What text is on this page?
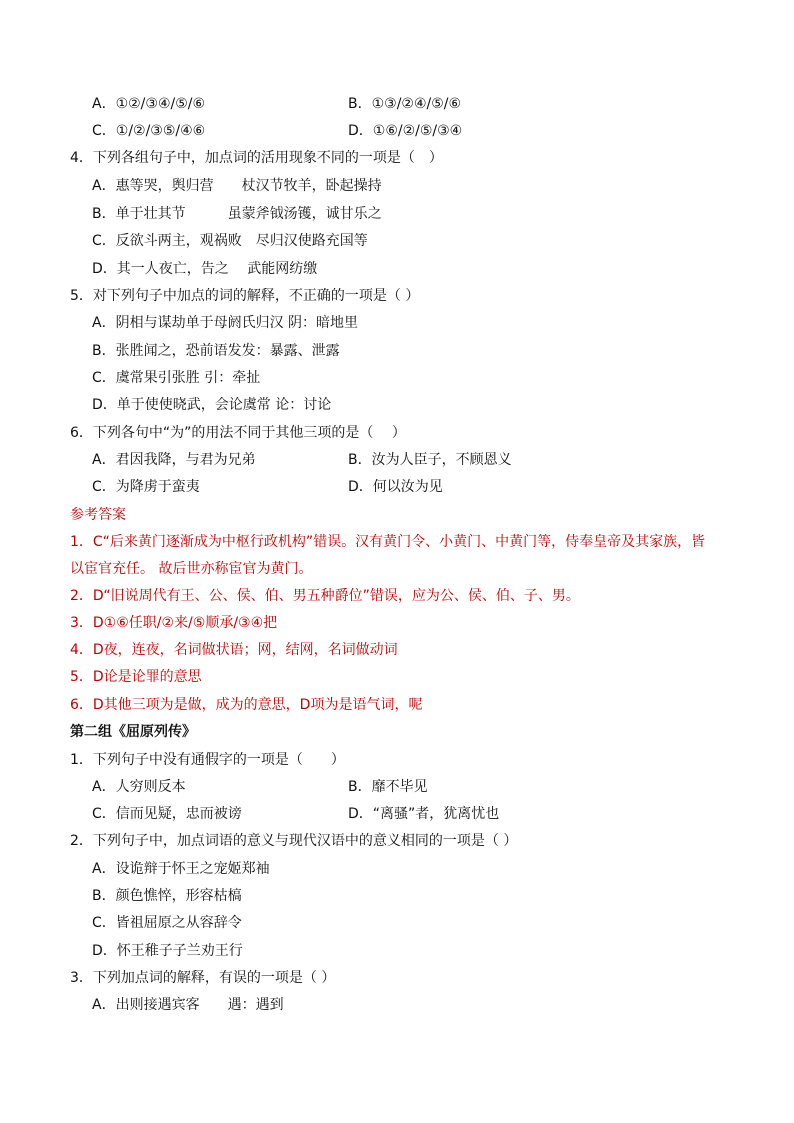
A．①②/③④/⑤/⑥	B．①③/②④/⑤/⑥
C．①/②/③⑤/④⑥	D．①⑥/②/⑤/③④
4．下列各组句子中，加点词的活用现象不同的一项是（　）
A．惠等哭，舆归营　　杖汉节牧羊，卧起操持
B．单于壮其节　　　虽蒙斧钺汤镬，诚甘乐之
C．反欲斗两主，观祸败　尽归汉使路充国等
D．其一人夜亡，告之　 武能网纺缴
5．对下列句子中加点的词的解释，不正确的一项是（ ）
A．阴相与谋劫单于母阏氏归汉 阴：暗地里
B．张胜闻之，恐前语发发：暴露、泄露
C．虞常果引张胜 引：牵扯
D．单于使使晓武，会论虞常 论：讨论
6．下列各句中“为”的用法不同于其他三项的是（　 ）
A．君因我降，与君为兄弟	B．汝为人臣子，不顾恩义
C．为降虏于蛮夷	D．何以汝为见
参考答案
1．C“后来黄门逐渐成为中枢行政机构”错误。汉有黄门令、小黄门、中黄门等，侍奉皇帝及其家族，皆
以宦官充任。 故后世亦称宦官为黄门。
2．D“旧说周代有王、公、侯、伯、男五种爵位”错误，应为公、侯、伯、子、男。
3．D①⑥任职/②来/⑤顺承/③④把
4．D夜，连夜，名词做状语；网，结网，名词做动词
5．D论是论罪的意思
6．D其他三项为是做，成为的意思，D项为是语气词，呢
第二组《屈原列传》
1．下列句子中没有通假字的一项是（　　）
A．人穷则反本	B．靡不毕见
C．信而见疑，忠而被谤	D．“离骚”者，犹离忧也
2．下列句子中，加点词语的意义与现代汉语中的意义相同的一项是（ ）
A．设诡辩于怀王之宠姬郑袖
B．颜色憔悴，形容枯槁
C．皆祖屈原之从容辞令
D．怀王稚子子兰劝王行
3．下列加点词的解释，有误的一项是（ ）
A．出则接遇宾客　　遇：遇到
